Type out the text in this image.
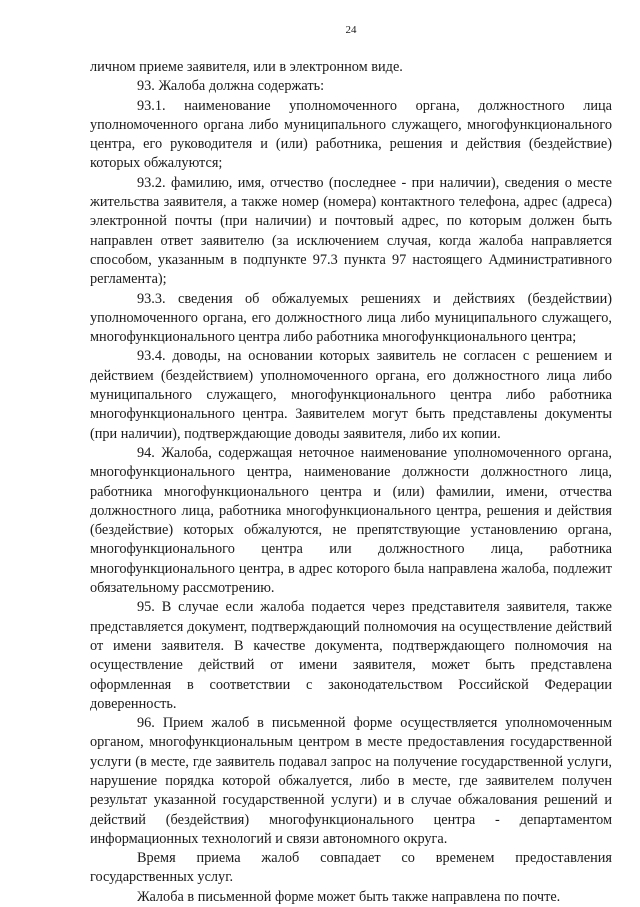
24

личном приеме заявителя, или в электронном виде.

93. Жалоба должна содержать:

93.1. наименование уполномоченного органа, должностного лица уполномоченного органа либо муниципального служащего, многофункционального центра, его руководителя и (или) работника, решения и действия (бездействие) которых обжалуются;

93.2. фамилию, имя, отчество (последнее - при наличии), сведения о месте жительства заявителя, а также номер (номера) контактного телефона, адрес (адреса) электронной почты (при наличии) и почтовый адрес, по которым должен быть направлен ответ заявителю (за исключением случая, когда жалоба направляется способом, указанным в подпункте 97.3 пункта 97 настоящего Административного регламента);

93.3. сведения об обжалуемых решениях и действиях (бездействии) уполномоченного органа, его должностного лица либо муниципального служащего, многофункционального центра либо работника многофункционального центра;

93.4. доводы, на основании которых заявитель не согласен с решением и действием (бездействием) уполномоченного органа, его должностного лица либо муниципального служащего, многофункционального центра либо работника многофункционального центра. Заявителем могут быть представлены документы (при наличии), подтверждающие доводы заявителя, либо их копии.

94. Жалоба, содержащая неточное наименование уполномоченного органа, многофункционального центра, наименование должности должностного лица, работника многофункционального центра и (или) фамилии, имени, отчества должностного лица, работника многофункционального центра, решения и действия (бездействие) которых обжалуются, не препятствующие установлению органа, многофункционального центра или должностного лица, работника многофункционального центра, в адрес которого была направлена жалоба, подлежит обязательному рассмотрению.

95. В случае если жалоба подается через представителя заявителя, также представляется документ, подтверждающий полномочия на осуществление действий от имени заявителя. В качестве документа, подтверждающего полномочия на осуществление действий от имени заявителя, может быть представлена оформленная в соответствии с законодательством Российской Федерации доверенность.

96. Прием жалоб в письменной форме осуществляется уполномоченным органом, многофункциональным центром в месте предоставления государственной услуги (в месте, где заявитель подавал запрос на получение государственной услуги, нарушение порядка которой обжалуется, либо в месте, где заявителем получен результат указанной государственной услуги) и в случае обжалования решений и действий (бездействия) многофункционального центра - департаментом информационных технологий и связи автономного округа.

Время приема жалоб совпадает со временем предоставления государственных услуг.

Жалоба в письменной форме может быть также направлена по почте.
